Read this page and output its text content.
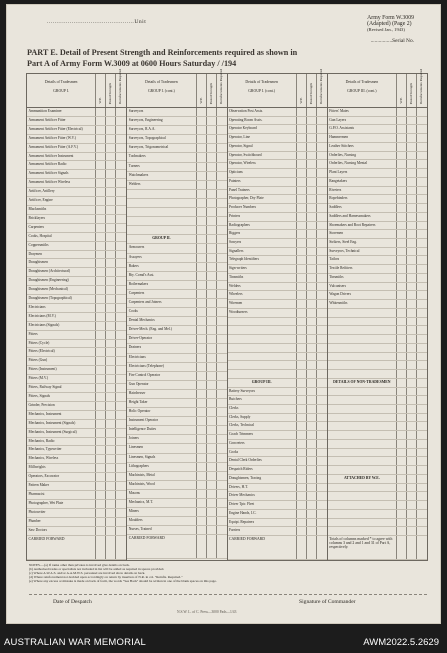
..............................................Unit
Army Form W.3009
(Adapted) (Page 2)
(Revised Jan., 1943)
................Serial No.
PART E. Detail of Present Strength and Reinforcements required as shown in
Part A of Army Form W.3009 at 0600 Hours Saturday / /194
Details of Tradesmen
GROUP I.
W.E. Posted Strength Reinforcements Required
Ammunition Examiner
Armament Artificer Fitter
Armament Artificer Fitter (Electrical)
Armament Artificer Fitter (W.V.)
Armament Artificer Fitter (A.F.V.)
Armament Artificer Instrument
Armament Artificer Radio
Armament Artificer Signals
Armament Artificer Wireless
Artificer, Artillery
Artificer, Engine
Blacksmiths
Bricklayers
Carpenters
Cooks, Hospital
Coppersmiths
Draymen
Draughtsmen
Draughtsmen (Architectural)
Draughtsmen (Engineering)
Draughtsmen (Mechanical)
Draughtsmen (Topographical)
Electricians
Electricians (M.V.)
Electricians (Signals)
Fitters
Fitters (Cycle)
Fitters (Electrical)
Fitters (Gun)
Fitters (Instrument)
Fitters (M.V.)
Fitters, Railway Signal
Fitters, Signals
Grinder, Precision
Mechanics, Instrument
Mechanics, Instrument (Signals)
Mechanics, Instrument (Surgical)
Mechanics, Radio
Mechanics, Typewriter
Mechanics, Wireless
Millwrights
Operators, Excavator
Pattern Maker
Pharmacist
Photographer, Wet Plate
Photowriter
Plumber
Saw Doctors
CARRIED FORWARD
Details of Tradesmen
GROUP I. (cont.)
W.E. Posted Strength Reinforcements Required
Surveyors
Surveyors, Engineering
Surveyors, R.A.A.
Surveyors, Topographical
Surveyors, Trigonometrical
Toolmakers
Turners
Watchmakers
Welders
GROUP II.
Armourers
Assayers
Bakers
Bty. Comd's Asst.
Boilermakers
Carpenters
Carpenters and Joiners
Cooks
Dental Mechanics
Driver-Mech. (Eng. and Mel.)
Driver-Operator
Drainers
Electricians
Electricians (Telephone)
Fire Control Operator
Gun Operator
Hairdresser
Height Taker
Holic Operator
Instrument Operator
Intelligence Duties
Joiners
Linesmen
Linesmen, Signals
Lithographers
Machinists, Metal
Machinists, Wood
Masons
Mechanics, M.T.
Miners
Moulders
Nurses, Trained
CARRIED FORWARD
Details of Tradesmen
GROUP I. (cont.)
W.E. Posted Strength Reinforcements Required
Observation Post Assts.
Operating Room Assts.
Operator Keyboard
Operator, Line
Operator, Signal
Operator, Switchboard
Operator, Wireless
Opticians
Painters
Panel Trainers
Photographer, Dry Plate
Producer Numbers
Printers
Radiographers
Riggers
Sawyers
Signallers
Telegraph Identifiers
Sign-writers
Tinsmiths
Welders
Wheelers
Wiremen
Woodturners
GROUP III.
Battery Surveyors
Butchers
Clerks
Clerks, Supply
Clerks, Technical
Coach Trimmers
Concreters
Cooks
Dental Clerk Orderlies
Despatch Riders
Draughtsmen, Tracing
Drivers, H.T.
Driver Mechanics
Driver Tptr. Fleet
Engine Hands, I.C.
Equipt. Repairers
Farriers
CARRIED FORWARD
Details of Tradesmen
GROUP III. (cont.)
W.E. Posted Strength Reinforcements Required
Fitters' Mates
Gun Layers
G.P.O. Assistants
Hammermen
Leather Stitchers
Orderlies, Nursing
Orderlies, Nursing Mental
Plant Layers
Rangetakers
Riveters
Ropebinders
Saddlers
Saddlers and Harnessmakers
Shoemakers and Boot Repairers
Storemen
Strikers, Steel Eng.
Surveyors, Technical
Tailors
Textile Refitters
Tinsmiths
Vulcanisers
Wagon Drivers
Whitesmiths
DETAILS OF NON-TRADESMEN
ATTACHED BY W.E.
Totals of columns marked * to agree with columns 3 and 2 and 1 and 31 of Part A, respectively.
NOTES.—(a) If ranks other than privates is involved give details on back.
(b) Authorised trades or specialists not included in list will be added as required in spaces provided.
(c) Where A.W.A.S. and/or A.A.M.W.S. personnel are involved show details on back.
(d) Where reinforcement not decided upon accordingly on return by insertion of N.R. in col. "Reinfts. Required."
(e) Where any excess or mistake is made on back of form, the words "See Back" should be written in one of the blank spaces on this page.
Date of Despatch	Signature of Commander
N.S.W. L. of C. Press—3000 Pads—1/43
AUSTRALIAN WAR MEMORIAL	AWM2022.5.2629
